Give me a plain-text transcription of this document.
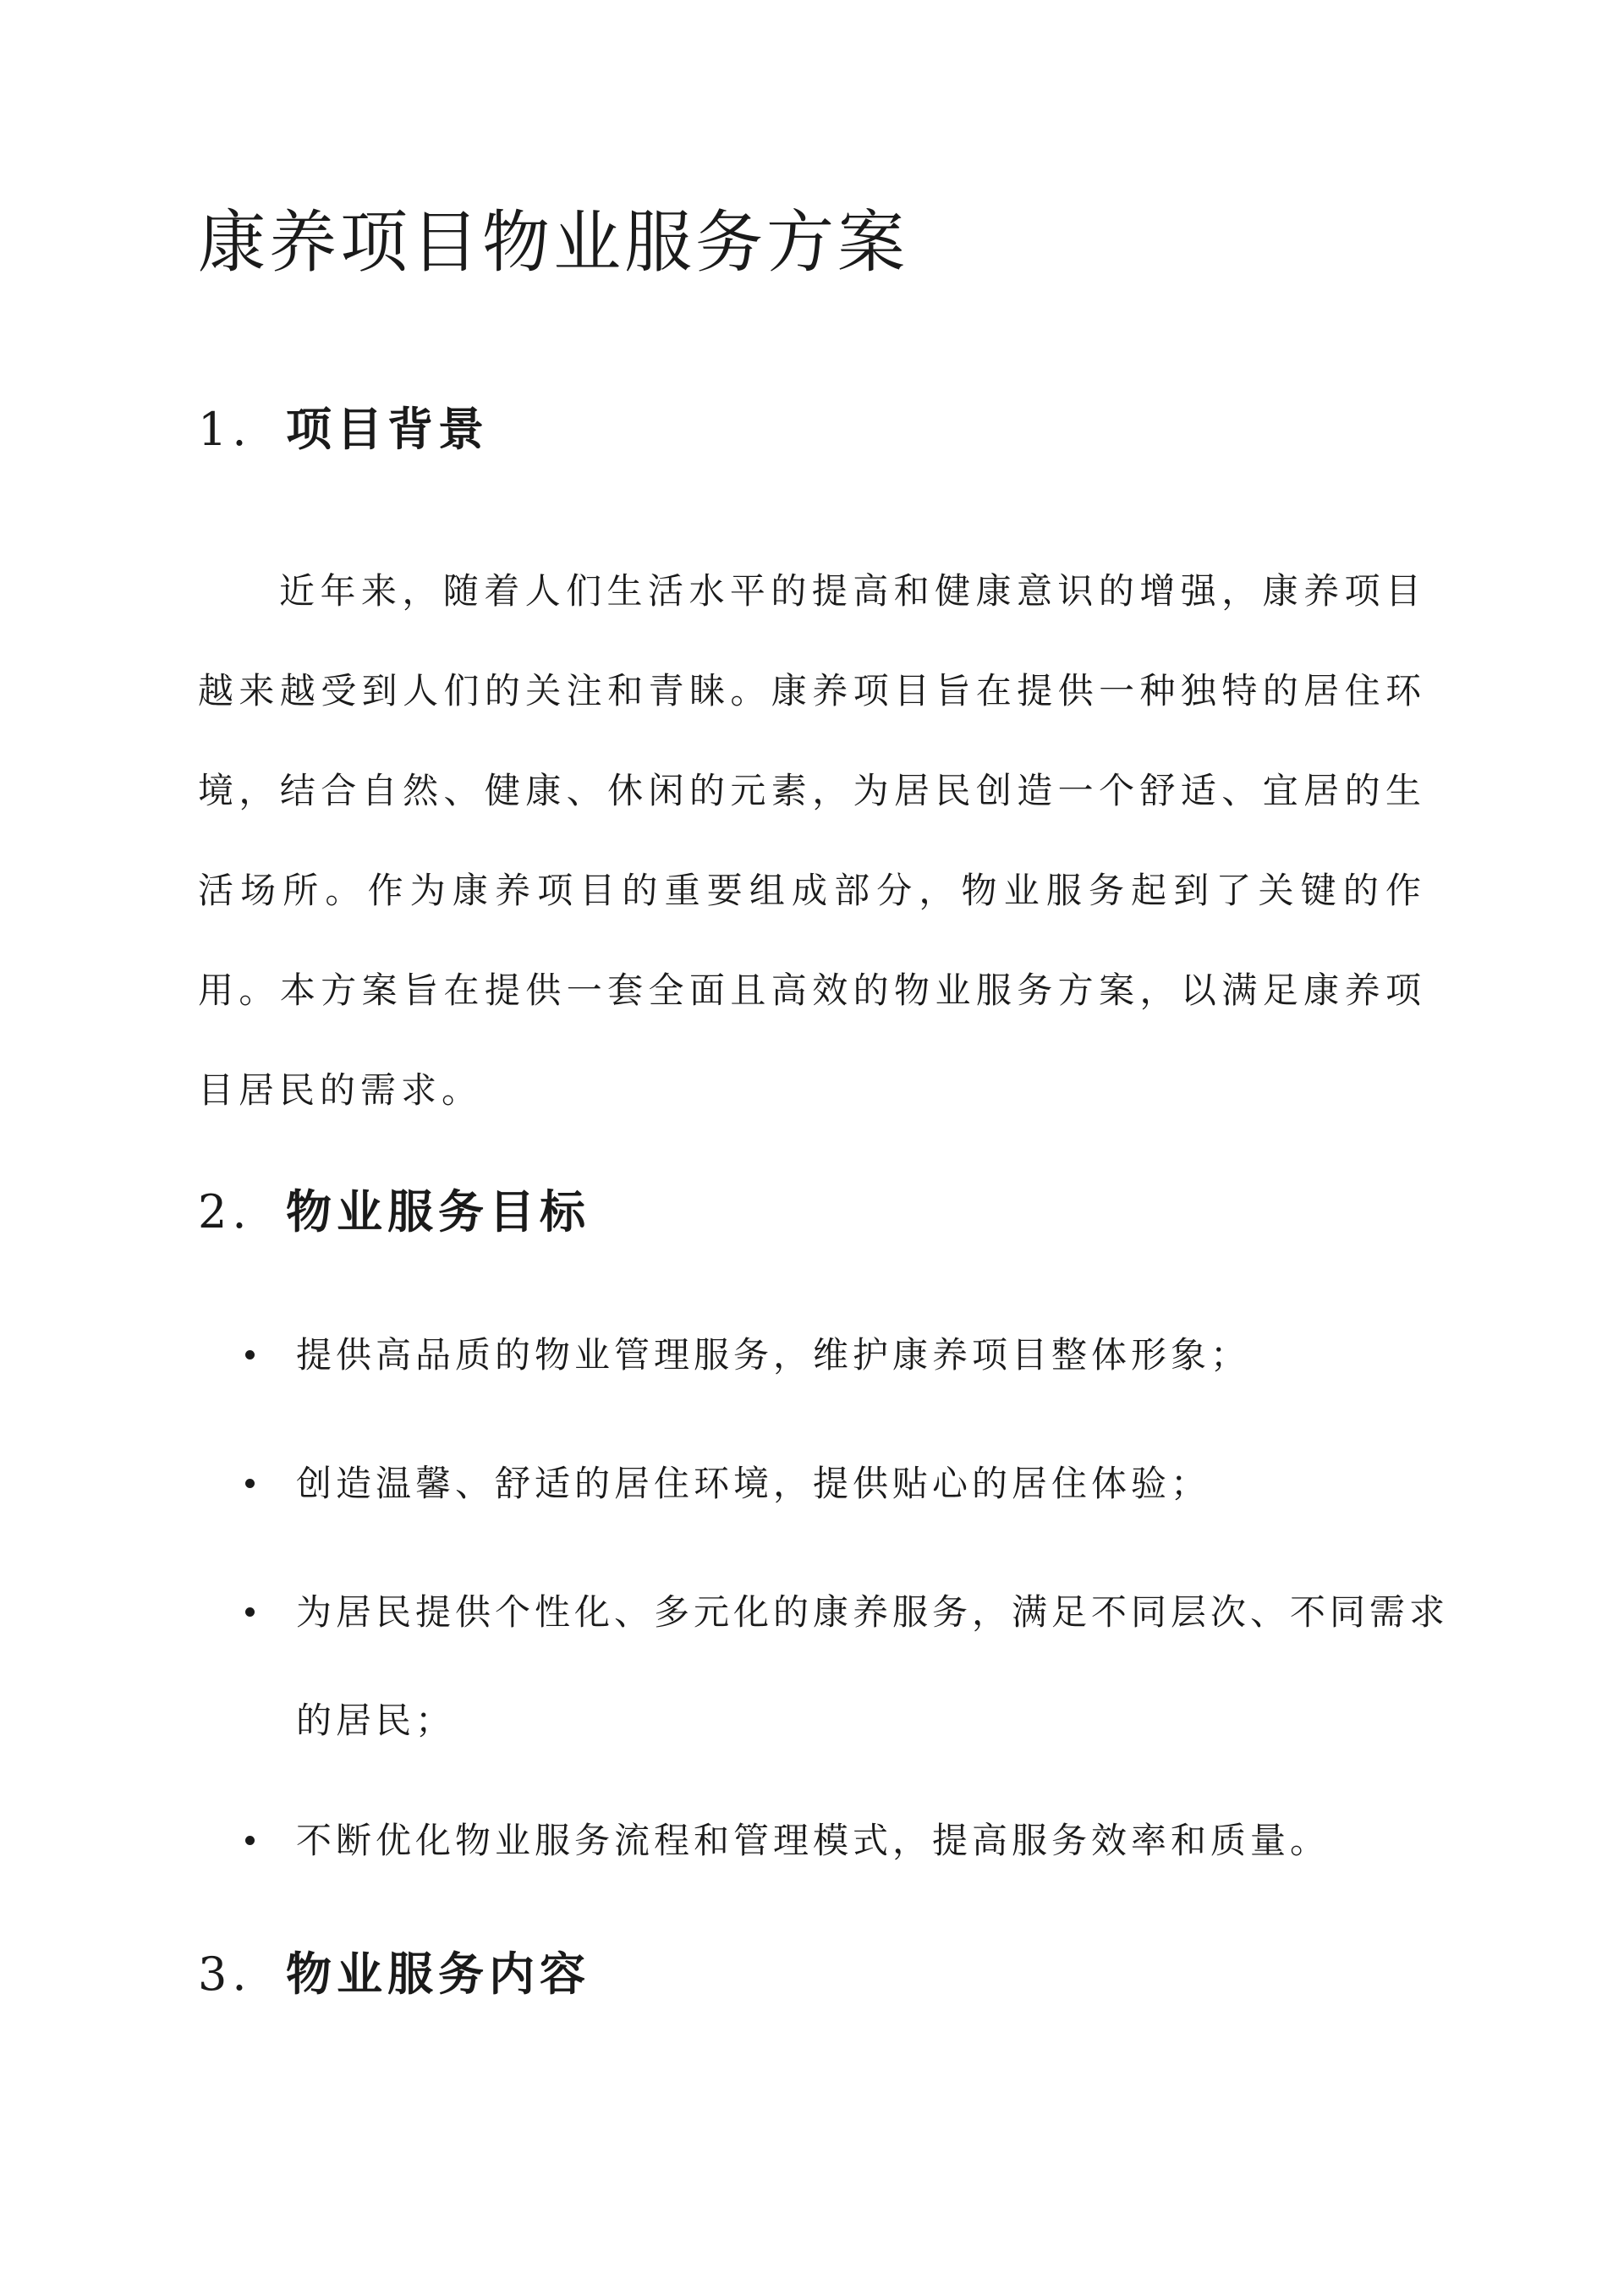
康养项目物业服务方案
1. 项目背景

近年来，随着人们生活水平的提高和健康意识的增强，康养项目越来越受到人们的关注和青睐。康养项目旨在提供一种独特的居住环境，结合自然、健康、休闲的元素，为居民创造一个舒适、宜居的生活场所。作为康养项目的重要组成部分，物业服务起到了关键的作用。本方案旨在提供一套全面且高效的物业服务方案，以满足康养项目居民的需求。

2. 物业服务目标
提供高品质的物业管理服务，维护康养项目整体形象；
创造温馨、舒适的居住环境，提供贴心的居住体验；
为居民提供个性化、多元化的康养服务，满足不同层次、不同需求的居民；
不断优化物业服务流程和管理模式，提高服务效率和质量。
3. 物业服务内容
